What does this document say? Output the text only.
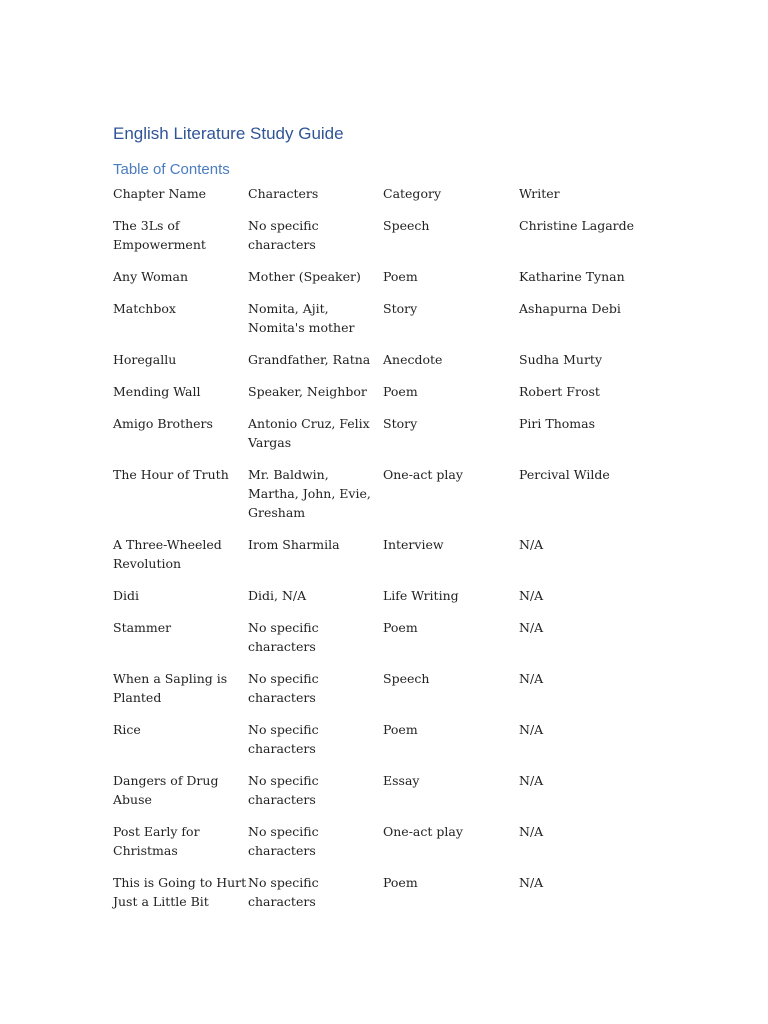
English Literature Study Guide
Table of Contents
Chapter Name	Characters	Category	Writer
The 3Ls of Empowerment	No specific characters	Speech	Christine Lagarde
Any Woman	Mother (Speaker)	Poem	Katharine Tynan
Matchbox	Nomita, Ajit, Nomita's mother	Story	Ashapurna Debi
Horegallu	Grandfather, Ratna	Anecdote	Sudha Murty
Mending Wall	Speaker, Neighbor	Poem	Robert Frost
Amigo Brothers	Antonio Cruz, Felix Vargas	Story	Piri Thomas
The Hour of Truth	Mr. Baldwin, Martha, John, Evie, Gresham	One-act play	Percival Wilde
A Three-Wheeled Revolution	Irom Sharmila	Interview	N/A
Didi	Didi, N/A	Life Writing	N/A
Stammer	No specific characters	Poem	N/A
When a Sapling is Planted	No specific characters	Speech	N/A
Rice	No specific characters	Poem	N/A
Dangers of Drug Abuse	No specific characters	Essay	N/A
Post Early for Christmas	No specific characters	One-act play	N/A
This is Going to Hurt Just a Little Bit	No specific characters	Poem	N/A
